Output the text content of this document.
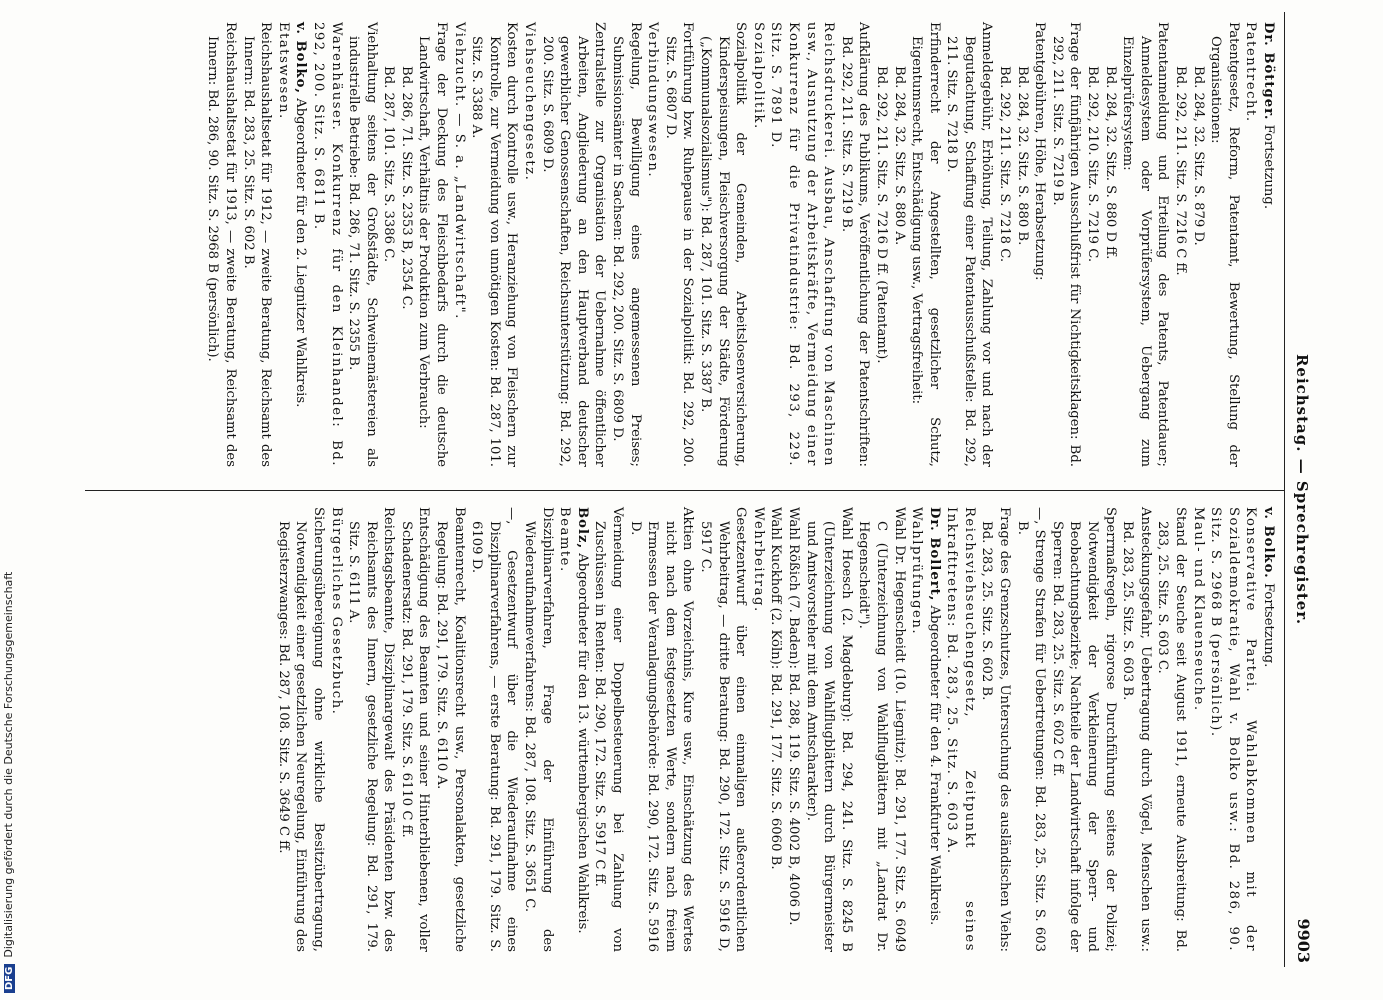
Reichstag. — Sprechregister.
9903

Dr. Böttger. Fortsetzung.

Patentrecht.

Patentgesetz, Reform, Patentamt, Bewertung, Stellung der Organisationen:

Bd. 284, 32. Sitz. S. 879 D.

Bd. 292, 211. Sitz. S. 7216 C ff.

Patentanmeldung und Erteilung des Patents, Patentdauer; Anmeldesystem oder Vorprüfersystem, Uebergang zum Einzelprüfersystem:

Bd. 284, 32. Sitz. S. 880 D ff.

Bd. 292, 210. Sitz. S. 7219 C.

Frage der fünfjährigen Ausschlußfrist für Nichtigkeitsklagen: Bd. 292, 211. Sitz. S. 7219 B.

Patentgebühren, Höhe, Herabsetzung:

Bd. 284, 32. Sitz. S. 880 B.

Bd. 292, 211. Sitz. S. 7218 C.

Anmeldegebühr, Erhöhung, Teilung, Zahlung vor und nach der Begutachtung, Schaffung einer Patentausschußstelle: Bd. 292, 211. Sitz. S. 7218 D.

Erfinderrecht der Angestellten, gesetzlicher Schutz, Eigentumsrecht, Entschädigung usw., Vertragsfreiheit:

Bd. 284, 32. Sitz. S. 880 A.

Bd. 292, 211. Sitz. S. 7216 D ff. (Patentamt).

Aufklärung des Publikums, Veröffentlichung der Patentschriften: Bd. 292, 211. Sitz. S. 7219 B.

Reichsdruckerei. Ausbau, Anschaffung von Maschinen usw., Ausnutzung der Arbeitskräfte, Vermeidung einer Konkurrenz für die Privatindustrie: Bd. 293, 229. Sitz. S. 7891 D.

Sozialpolitik.

Sozialpolitik der Gemeinden, Arbeitslosenversicherung, Kinderspeisungen, Fleischversorgung der Städte, Förderung („Kommunalsozialismus"): Bd. 287, 101. Sitz. S. 3387 B.

Fortführung bzw. Ruhepause in der Sozialpolitik: Bd. 292, 200. Sitz. S. 6807 D.

Verbindungswesen.

Regelung, Bewilligung eines angemessenen Preises; Submissionsämter in Sachsen: Bd. 292, 200. Sitz. S. 6809 D.

Zentralstelle zur Organisation der Uebernahme öffentlicher Arbeiten, Angliederung an den Hauptverband deutscher gewerblicher Genossenschaften, Reichsunterstützung: Bd. 292, 200. Sitz. S. 6809 D.

Viehseuchengesetz.

Kosten durch Kontrolle usw., Heranziehung von Fleischern zur Kontrolle, zur Vermeidung von unnötigen Kosten: Bd. 287, 101. Sitz. S. 3388 A.

Viehzucht. — S. a. „Landwirtschaft".

Frage der Deckung des Fleischbedarfs durch die deutsche Landwirtschaft, Verhältnis der Produktion zum Verbrauch:

Bd. 286, 71. Sitz. S. 2353 B, 2354 C.

Bd. 287, 101. Sitz. S. 3386 C.

Viehhaltung seitens der Großstädte, Schweinemästereien als industrielle Betriebe: Bd. 286, 71. Sitz. S. 2355 B.

Warenhäuser. Konkurrenz für den Kleinhandel: Bd. 292, 200. Sitz. S. 6811 B.

v. Bolko, Abgeordneter für den 2. Liegnitzer Wahlkreis.

Etatswesen.

Reichshaushaltsetat für 1912, — zweite Beratung, Reichsamt des Innern: Bd. 283, 25. Sitz. S. 602 B.

Reichshaushaltsetat für 1913, — zweite Beratung, Reichsamt des Innern: Bd. 286, 90. Sitz. S. 2968 B (persönlich).

v. Bolko. Fortsetzung.

Konservative Partei. Wahlabkommen mit der Sozialdemokratie, Wahl v. Bolko usw.: Bd. 286, 90. Sitz. S. 2968 B (persönlich).

Maul- und Klauenseuche.

Stand der Seuche seit August 1911, erneute Ausbreitung: Bd. 283, 25. Sitz. S. 603 C.

Ansteckungsgefahr, Uebertragung durch Vögel, Menschen usw.: Bd. 283, 25. Sitz. S. 603 B.

Sperrmaßregeln, rigorose Durchführung seitens der Polizei; Notwendigkeit der Verkleinerung der Sperr- und Beobachtungsbezirke; Nachteile der Landwirtschaft infolge der Sperren: Bd. 283, 25. Sitz. S. 602 C ff.

—, Strenge Strafen für Uebertretungen: Bd. 283, 25. Sitz. S. 603 B.

Frage des Grenzschutzes, Untersuchung des ausländischen Viehs: Bd. 283, 25. Sitz. S. 602 B.

Reichsviehseuchengesetz, Zeitpunkt seines Inkrafttretens: Bd. 283, 25. Sitz. S. 603 A.

Dr. Bollert, Abgeordneter für den 4. Frankfurter Wahlkreis.

Wahlprüfungen.

Wahl Dr. Hegenscheidt (10. Liegnitz): Bd. 291, 177. Sitz. S. 6049 C (Unterzeichnung von Wahlflugblättern mit „Landrat Dr. Hegenscheidt").

Wahl Hoesch (2. Magdeburg): Bd. 294, 241. Sitz. S. 8245 B (Unterzeichnung von Wahlflugblättern durch Bürgermeister und Amtsvorsteher mit dem Amtscharakter).

Wahl Rößich (7. Baden): Bd. 288, 119. Sitz. S. 4002 B, 4006 D.

Wahl Kuckhoff (2. Köln): Bd. 291, 177. Sitz. S. 6060 B.

Wehrbeitrag.

Gesetzentwurf über einen einmaligen außerordentlichen Wehrbeitrag, — dritte Beratung: Bd. 290, 172. Sitz. S. 5916 D, 5917 C.

Aktien ohne Vorzeichnis, Kure usw., Einschätzung des Wertes nicht nach dem festgesetzten Werte, sondern nach freiem Ermessen der Veranlagungsbehörde: Bd. 290, 172. Sitz. S. 5916 D.

Vermeidung einer Doppelbesteuerung bei Zahlung von Zuschüssen in Renten: Bd. 290, 172. Sitz. S. 5917 C ff.

Bolz, Abgeordneter für den 13. württembergischen Wahlkreis.

Beamte.

Disziplinarverfahren, Frage der Einführung des Wiederaufnahmeverfahrens: Bd. 287, 108. Sitz. S. 3651 C.

—, Gesetzentwurf über die Wiederaufnahme eines Disziplinarverfahrens, — erste Beratung: Bd. 291, 179. Sitz. S. 6109 D.

Beamtenrecht, Koalitionsrecht usw., Personalakten, gesetzliche Regelung: Bd. 291, 179. Sitz. S. 6110 A.

Entschädigung des Beamten und seiner Hinterbliebenen, voller Schadenersatz: Bd. 291, 179. Sitz. S. 6110 C ff.

Reichstagsbeamte, Disziplinargewalt des Präsidenten bzw. des Reichsamts des Innern, gesetzliche Regelung: Bd. 291, 179. Sitz. S. 6111 A.

Bürgerliches Gesetzbuch.

Sicherungsübereignung ohne wirkliche Besitzübertragung, Notwendigkeit einer gesetzlichen Neuregelung, Einführung des Registerzwanges: Bd. 287, 108. Sitz. S. 3649 C ff.

DFGDigitalisierung gefördert durch die Deutsche Forschungsgemeinschaft
